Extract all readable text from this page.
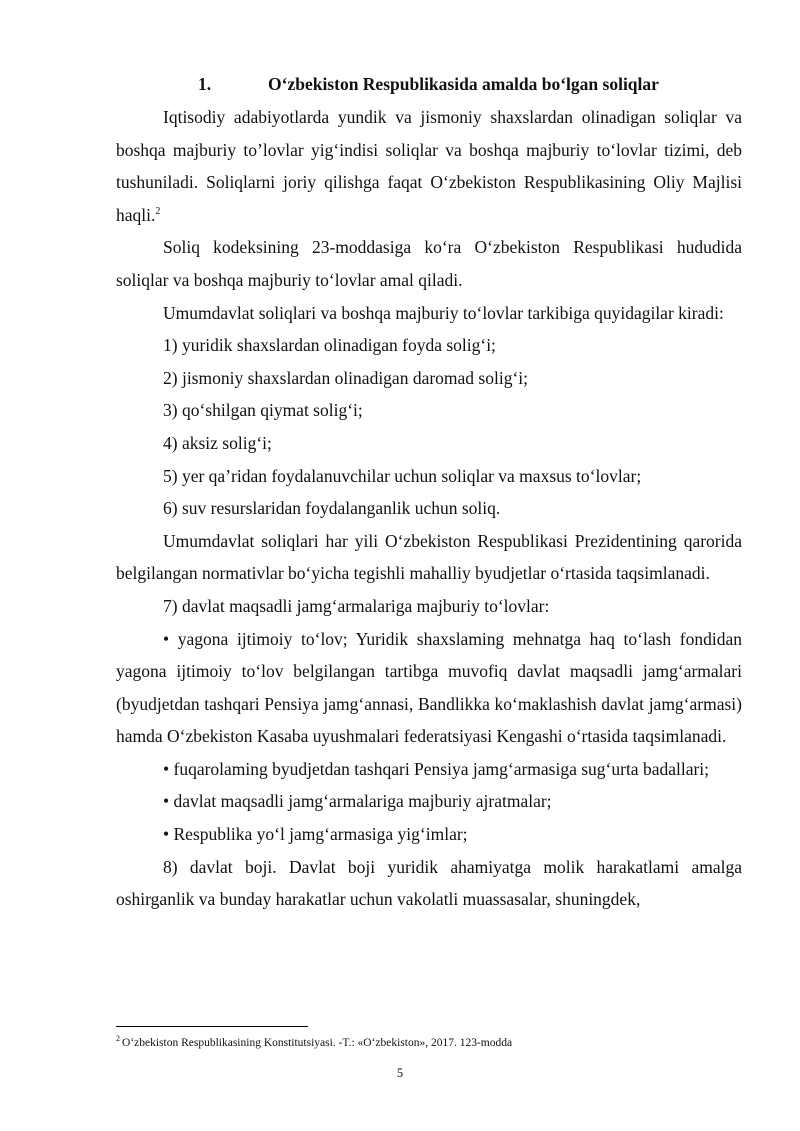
1.	O‘zbekiston Respublikasida amalda bo‘lgan soliqlar

Iqtisodiy adabiyotlarda yundik va jismoniy shaxslardan olinadigan soliqlar va boshqa majburiy to’lovlar yig‘indisi soliqlar va boshqa majburiy to‘lovlar tizimi, deb tushuniladi. Soliqlarni joriy qilishga faqat O‘zbekiston Respublikasining Oliy Majlisi haqli.$^2$

Soliq kodeksining 23-moddasiga ko‘ra O‘zbekiston Respublikasi hududida soliqlar va boshqa majburiy to‘lovlar amal qiladi.

Umumdavlat soliqlari va boshqa majburiy to‘lovlar tarkibiga quyidagilar kiradi:

1) yuridik shaxslardan olinadigan foyda solig‘i;

2) jismoniy shaxslardan olinadigan daromad solig‘i;

3) qo‘shilgan qiymat solig‘i;

4) aksiz solig‘i;

5) yer qa’ridan foydalanuvchilar uchun soliqlar va maxsus to‘lovlar;

6) suv resurslaridan foydalanganlik uchun soliq.

Umumdavlat soliqlari har yili O‘zbekiston Respublikasi Prezidentining qarorida belgilangan normativlar bo‘yicha tegishli mahalliy byudjetlar o‘rtasida taqsimlanadi.

7) davlat maqsadli jamg‘armalariga majburiy to‘lovlar:

• yagona ijtimoiy to‘lov; Yuridik shaxslaming mehnatga haq to‘lash fondidan yagona ijtimoiy to‘lov belgilangan tartibga muvofiq davlat maqsadli jamg‘armalari (byudjetdan tashqari Pensiya jamg‘annasi, Bandlikka ko‘maklashish davlat jamg‘armasi) hamda O‘zbekiston Kasaba uyushmalari federatsiyasi Kengashi o‘rtasida taqsimlanadi.

• fuqarolaming byudjetdan tashqari Pensiya jamg‘armasiga sug‘urta badallari;

• davlat maqsadli jamg‘armalariga majburiy ajratmalar;

• Respublika yo‘l jamg‘armasiga yig‘imlar;

8) davlat boji. Davlat boji yuridik ahamiyatga molik harakatlami amalga oshirganlik va bunday harakatlar uchun vakolatli muassasalar, shuningdek,

$^2$ O‘zbekiston Respublikasining Konstitutsiyasi. -T.: «O‘zbekiston», 2017. 123-modda
5
